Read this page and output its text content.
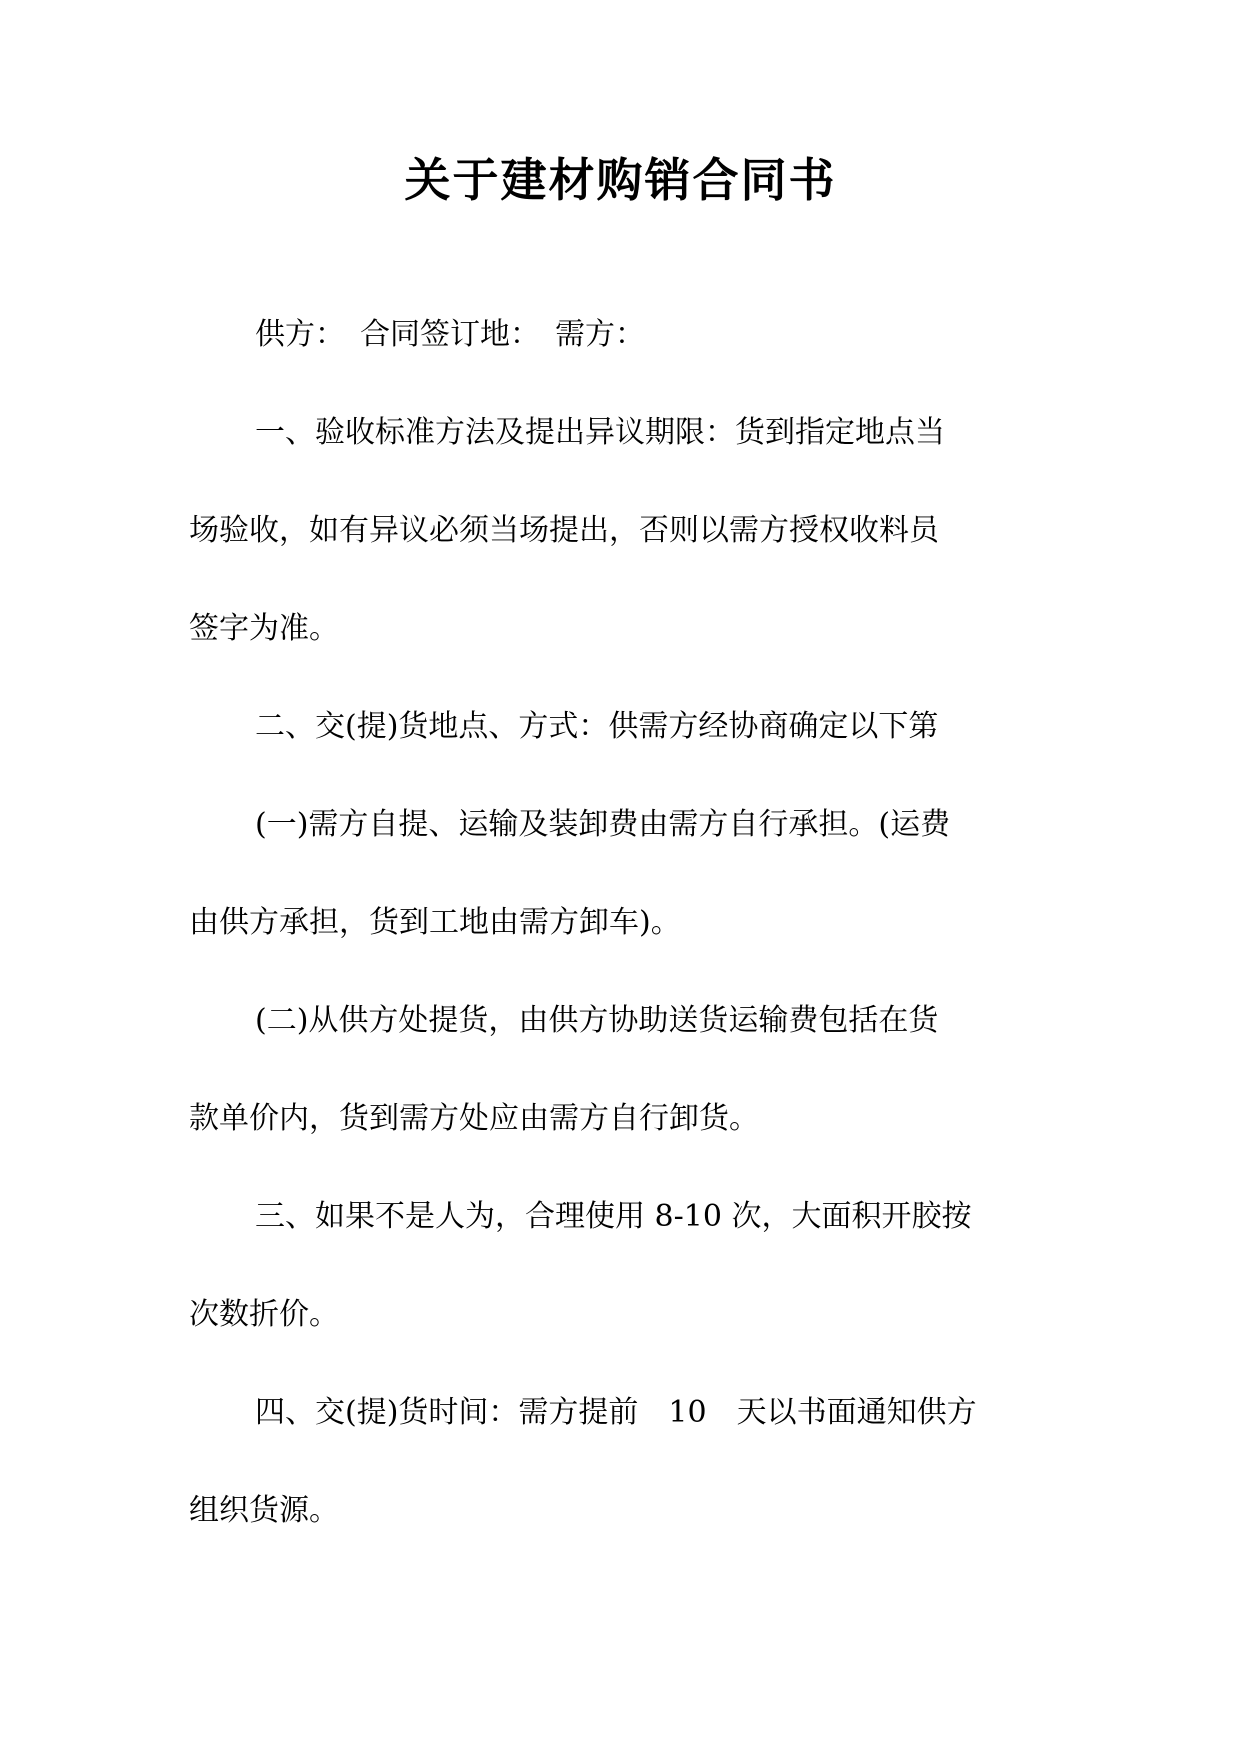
关于建材购销合同书
供方：　合同签订地：　需方：
一、验收标准方法及提出异议期限：货到指定地点当
场验收，如有异议必须当场提出，否则以需方授权收料员
签字为准。
二、交(提)货地点、方式：供需方经协商确定以下第
(一)需方自提、运输及装卸费由需方自行承担。(运费
由供方承担，货到工地由需方卸车)。
(二)从供方处提货，由供方协助送货运输费包括在货
款单价内，货到需方处应由需方自行卸货。
三、如果不是人为，合理使用 8-10 次，大面积开胶按
次数折价。
四、交(提)货时间：需方提前　10　天以书面通知供方
组织货源。
